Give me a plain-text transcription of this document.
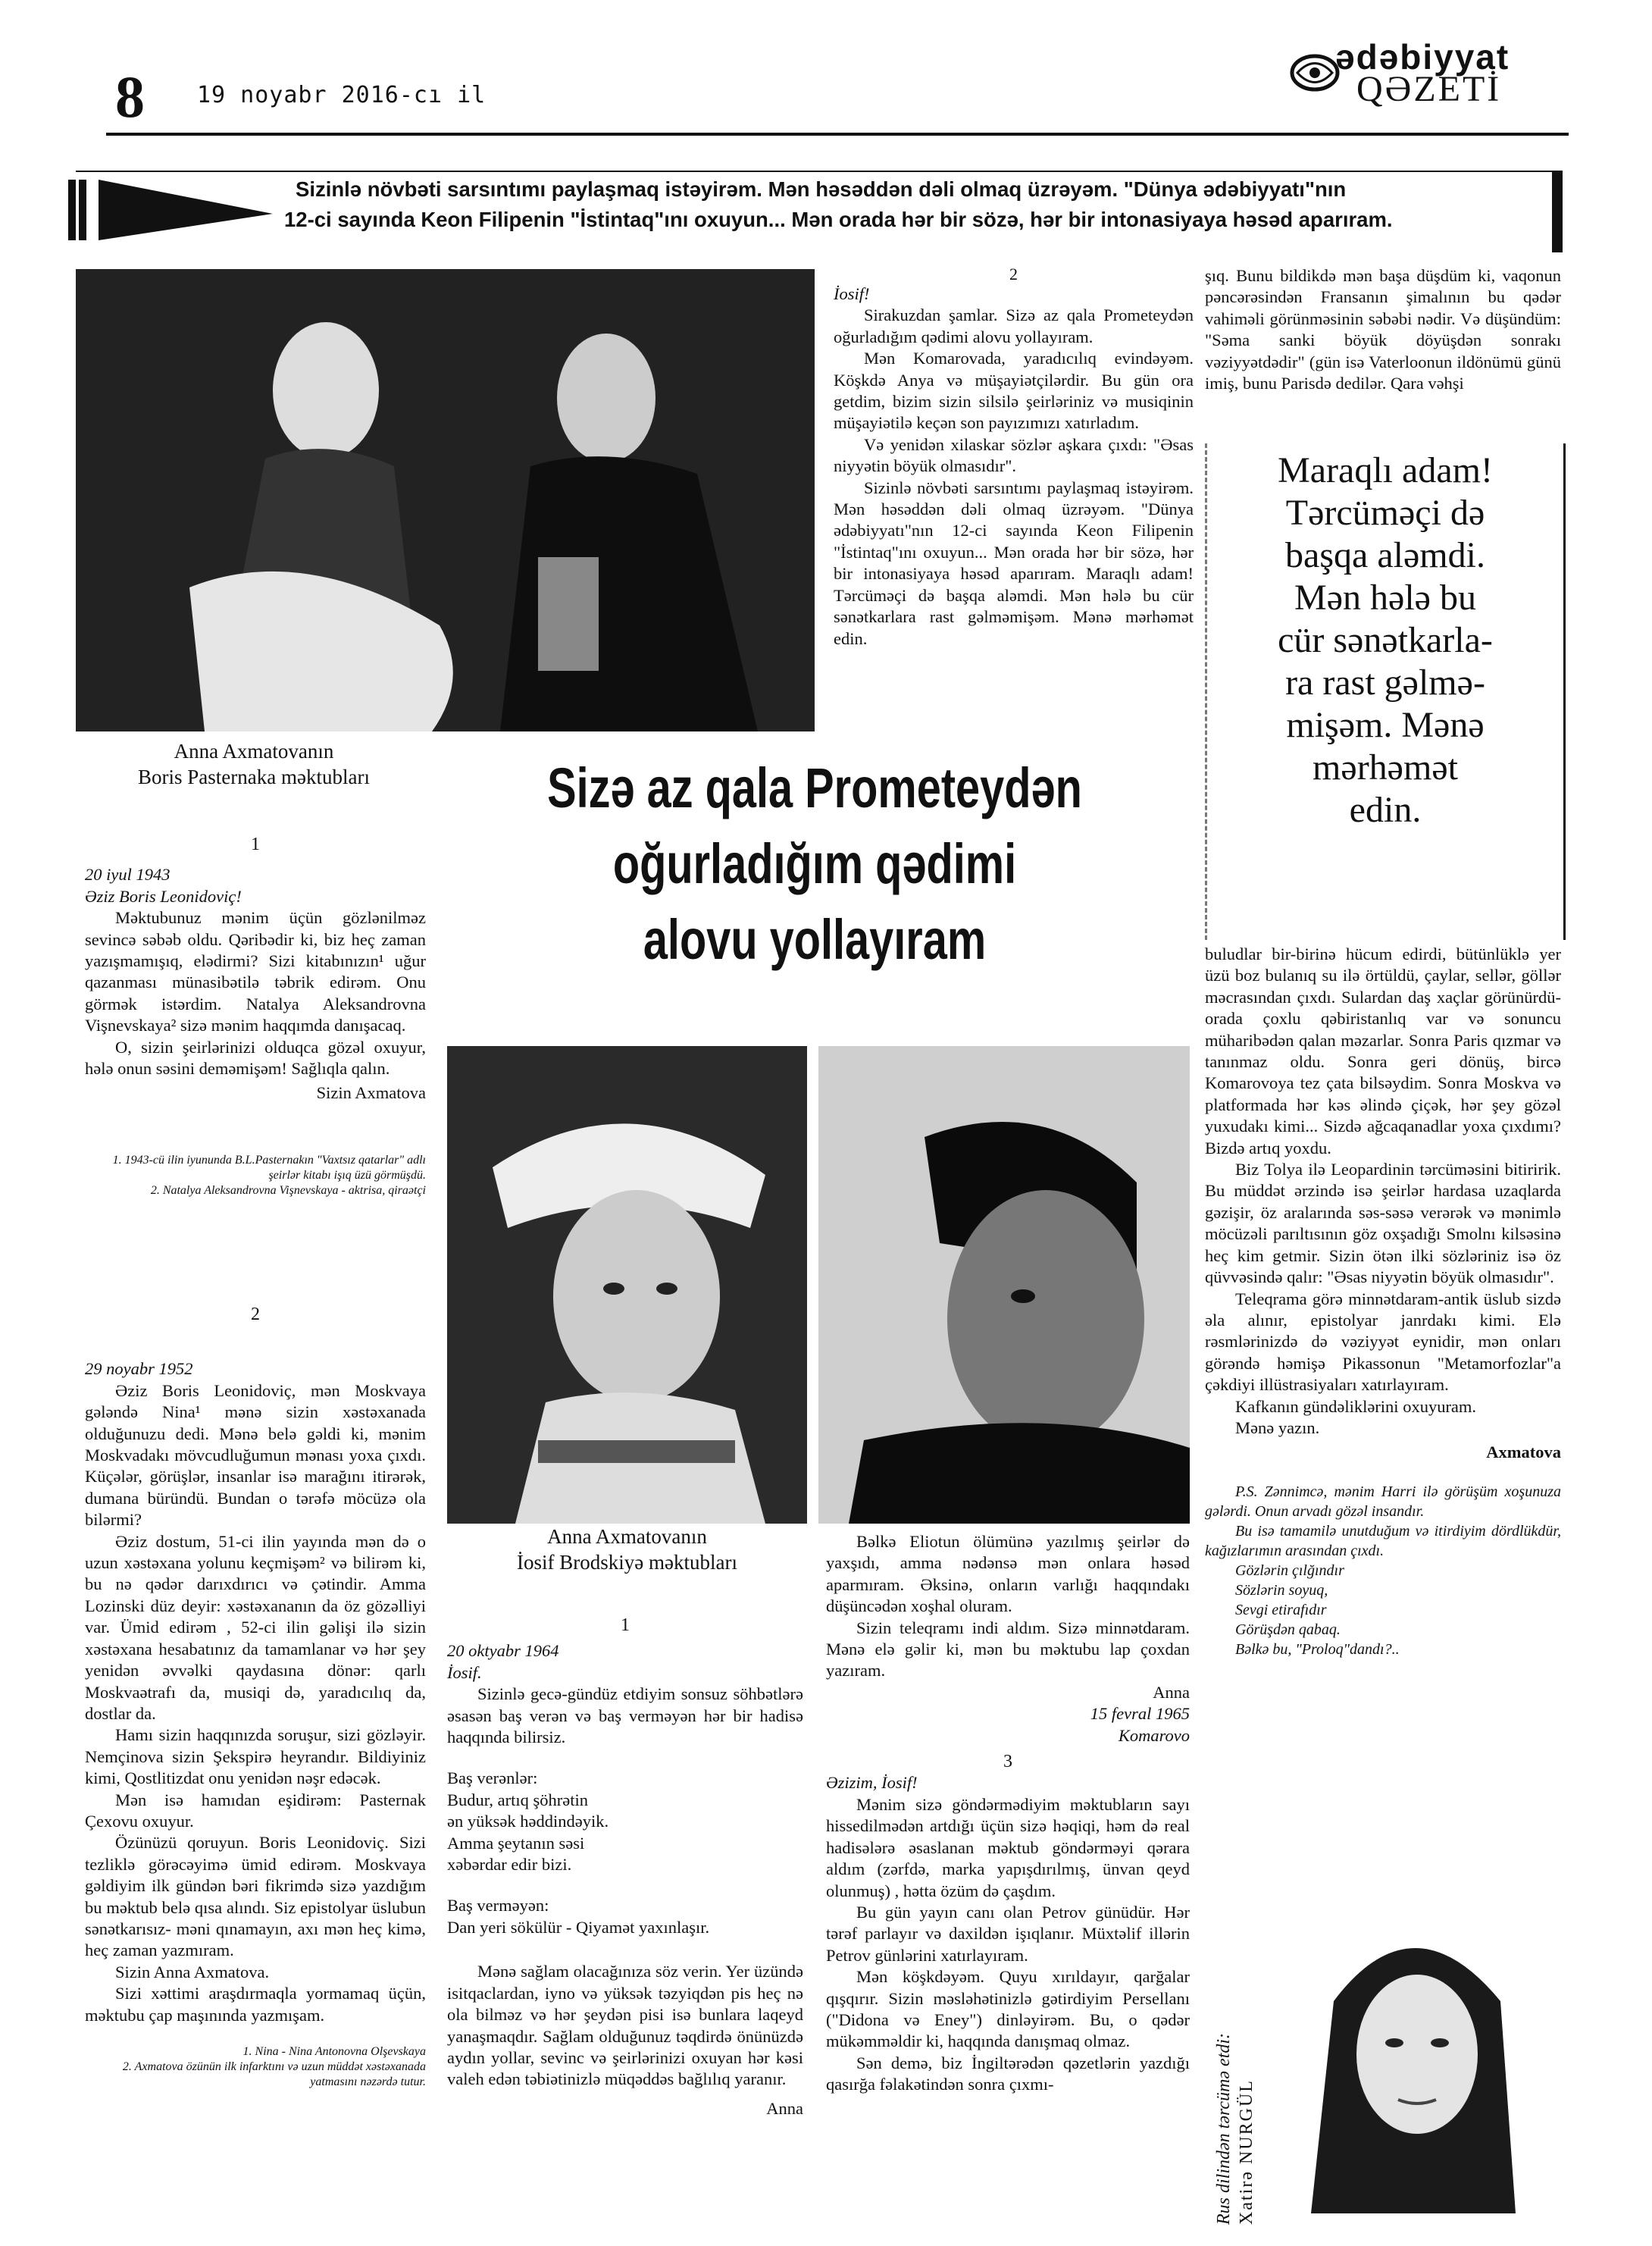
8 19 noyabr 2016-cı il
ədəbiyyat
QƏZETİ
Sizinlə növbəti sarsıntımı paylaşmaq istəyirəm. Mən həsəddən dəli olmaq üzrəyəm. "Dünya ədəbiyyatı"nın
12-ci sayında Keon Filipenin "İstintaq"ını oxuyun... Mən orada hər bir sözə, hər bir intonasiyaya həsəd aparıram.
Anna Axmatovanın
Boris Pasternaka məktubları
1

20 iyul 1943

Əziz Boris Leonidoviç!

Məktubunuz mənim üçün gözlənilməz sevincə səbəb oldu. Qəribədir ki, biz heç zaman yazışmamışıq, elədirmi? Sizi kitabınızın¹ uğur qazanması münasibətilə təbrik edirəm. Onu görmək istərdim. Natalya Aleksandrovna Vişnevskaya² sizə mənim haqqımda danışacaq.

O, sizin şeirlərinizi olduqca gözəl oxuyur, hələ onun səsini deməmişəm! Sağlıqla qalın.

Sizin Axmatova

1. 1943-cü ilin iyununda B.L.Pasternakın "Vaxtsız qatarlar" adlı şeirlər kitabı işıq üzü görmüşdü.
2. Natalya Aleksandrovna Vişnevskaya - aktrisa, qiraətçi
2

29 noyabr 1952

Əziz Boris Leonidoviç, mən Moskvaya gələndə Nina¹ mənə sizin xəstəxanada olduğunuzu dedi. Mənə belə gəldi ki, mənim Moskvadakı mövcudluğumun mənası yoxa çıxdı. Küçələr, görüşlər, insanlar isə marağını itirərək, dumana büründü. Bundan o tərəfə möcüzə ola bilərmi?

Əziz dostum, 51-ci ilin yayında mən də o uzun xəstəxana yolunu keçmişəm² və bilirəm ki, bu nə qədər darıxdırıcı və çətindir. Amma Lozinski düz deyir: xəstəxananın da öz gözəlliyi var. Ümid edirəm , 52-ci ilin gəlişi ilə sizin xəstəxana hesabatınız da tamamlanar və hər şey yenidən əvvəlki qaydasına dönər: qarlı Moskvaətrafı da, musiqi də, yaradıcılıq da, dostlar da.

Hamı sizin haqqınızda soruşur, sizi gözləyir. Nemçinova sizin Şekspirə heyrandır. Bildiyiniz kimi, Qostlitizdat onu yenidən nəşr edəcək.

Mən isə hamıdan eşidirəm: Pasternak Çexovu oxuyur.

Özünüzü qoruyun. Boris Leonidoviç. Sizi tezliklə görəcəyimə ümid edirəm. Moskvaya gəldiyim ilk gündən bəri fikrimdə sizə yazdığım bu məktub belə qısa alındı. Siz epistolyar üslubun sənətkarısız- məni qınamayın, axı mən heç kimə, heç zaman yazmıram.

Sizin Anna Axmatova.

Sizi xəttimi araşdırmaqla yormamaq üçün, məktubu çap maşınında yazmışam.

1. Nina - Nina Antonovna Olşevskaya
2. Axmatova özünün ilk infarktını və uzun müddət xəstəxanada yatmasını nəzərdə tutur.
Sizə az qala Prometeydən
oğurladığım qədimi
alovu yollayıram
2

İosif!

Sirakuzdan şamlar. Sizə az qala Prometeydən oğurladığım qədimi alovu yollayıram.

Mən Komarovada, yaradıcılıq evindəyəm. Köşkdə Anya və müşayiətçilərdir. Bu gün ora getdim, bizim sizin silsilə şeirləriniz və musiqinin müşayiətilə keçən son payızımızı xatırladım.

Və yenidən xilaskar sözlər aşkara çıxdı: "Əsas niyyətin böyük olmasıdır".

Sizinlə növbəti sarsıntımı paylaşmaq istəyirəm. Mən həsəddən dəli olmaq üzrəyəm. "Dünya ədəbiyyatı"nın 12-ci sayında Keon Filipenin "İstintaq"ını oxuyun... Mən orada hər bir sözə, hər bir intonasiyaya həsəd aparıram. Maraqlı adam! Tərcüməçi də başqa aləmdi. Mən hələ bu cür sənətkarlara rast gəlməmişəm. Mənə mərhəmət edin.

şıq. Bunu bildikdə mən başa düşdüm ki, vaqonun pəncərəsindən Fransanın şimalının bu qədər vahiməli görünməsinin səbəbi nədir. Və düşündüm: "Səma sanki böyük döyüşdən sonrakı vəziyyətdədir" (gün isə Vaterloonun ildönümü günü imiş, bunu Parisdə dedilər. Qara vəhşi

Maraqlı adam!
Tərcüməçi də
başqa aləmdi.
Mən hələ bu
cür sənətkarla-
ra rast gəlmə-
mişəm. Mənə
mərhəmət
edin.

buludlar bir-birinə hücum edirdi, bütünlüklə yer üzü boz bulanıq su ilə örtüldü, çaylar, sellər, göllər məcrasından çıxdı. Sulardan daş xaçlar görünürdü- orada çoxlu qəbiristanlıq var və sonuncu müharibədən qalan məzarlar. Sonra Paris qızmar və tanınmaz oldu. Sonra geri dönüş, bircə Komarovoya tez çata bilsəydim. Sonra Moskva və platformada hər kəs əlində çiçək, hər şey gözəl yuxudakı kimi... Sizdə ağcaqanadlar yoxa çıxdımı? Bizdə artıq yoxdu.

Biz Tolya ilə Leopardinin tərcüməsini bitiririk. Bu müddət ərzində isə şeirlər hardasa uzaqlarda gəzişir, öz aralarında səs-səsə verərək və mənimlə möcüzəli parıltısının göz oxşadığı Smolnı kilsəsinə heç kim getmir. Sizin ötən ilki sözləriniz isə öz qüvvəsində qalır: "Əsas niyyətin böyük olmasıdır".

Teleqrama görə minnətdaram-antik üslub sizdə əla alınır, epistolyar janrdakı kimi. Elə rəsmlərinizdə də vəziyyət eynidir, mən onları görəndə həmişə Pikassonun "Metamorfozlar"a çəkdiyi illüstrasiyaları xatırlayıram.

Kafkanın gündəliklərini oxuyuram.

Mənə yazın.

Axmatova

P.S. Zənnimcə, mənim Harri ilə görüşüm xoşunuza gələrdi. Onun arvadı gözəl insandır.

Bu isə tamamilə unutduğum və itirdiyim dördlükdür, kağızlarımın arasından çıxdı.

Gözlərin çılğındır

Sözlərin soyuq,

Sevgi etirafıdır

Görüşdən qabaq.

Bəlkə bu, "Proloq"dandı?..

Anna Axmatovanın
İosif Brodskiyə məktubları
1

20 oktyabr 1964

İosif.

Sizinlə gecə-gündüz etdiyim sonsuz söhbətlərə əsasən baş verən və baş verməyən hər bir hadisə haqqında bilirsiz.

Baş verənlər:

Budur, artıq şöhrətin

ən yüksək həddindəyik.

Amma şeytanın səsi

xəbərdar edir bizi.

Baş verməyən:

Dan yeri sökülür - Qiyamət yaxınlaşır.

Mənə sağlam olacağınıza söz verin. Yer üzündə isitqaclardan, iyno və yüksək təzyiqdən pis heç nə ola bilməz və hər şeydən pisi isə bunlara laqeyd yanaşmaqdır. Sağlam olduğunuz təqdirdə önünüzdə aydın yollar, sevinc və şeirlərinizi oxuyan hər kəsi valeh edən təbiətinizlə müqəddəs bağlılıq yaranır.

Anna

Bəlkə Eliotun ölümünə yazılmış şeirlər də yaxşıdı, amma nədənsə mən onlara həsəd aparmıram. Əksinə, onların varlığı haqqındakı düşüncədən xoşhal oluram.

Sizin teleqramı indi aldım. Sizə minnətdaram. Mənə elə gəlir ki, mən bu məktubu lap çoxdan yazıram.

Anna

15 fevral 1965

Komarovo

3

Əzizim, İosif!

Mənim sizə göndərmədiyim məktubların sayı hissedilmədən artdığı üçün sizə həqiqi, həm də real hadisələrə əsaslanan məktub göndərməyi qərara aldım (zərfdə, marka yapışdırılmış, ünvan qeyd olunmuş) , hətta özüm də çaşdım.

Bu gün yayın canı olan Petrov günüdür. Hər tərəf parlayır və daxildən işıqlanır. Müxtəlif illərin Petrov günlərini xatırlayıram.

Mən köşkdəyəm. Quyu xırıldayır, qarğalar qışqırır. Sizin məsləhətinizlə gətirdiyim Persellanı ("Didona və Eney") dinləyirəm. Bu, o qədər mükəmməldir ki, haqqında danışmaq olmaz.

Sən demə, biz İngiltərədən qəzetlərin yazdığı qasırğa fəlakətindən sonra çıxmı-	Rus dilindən tərcümə etdi: Xatirə NURGÜL
